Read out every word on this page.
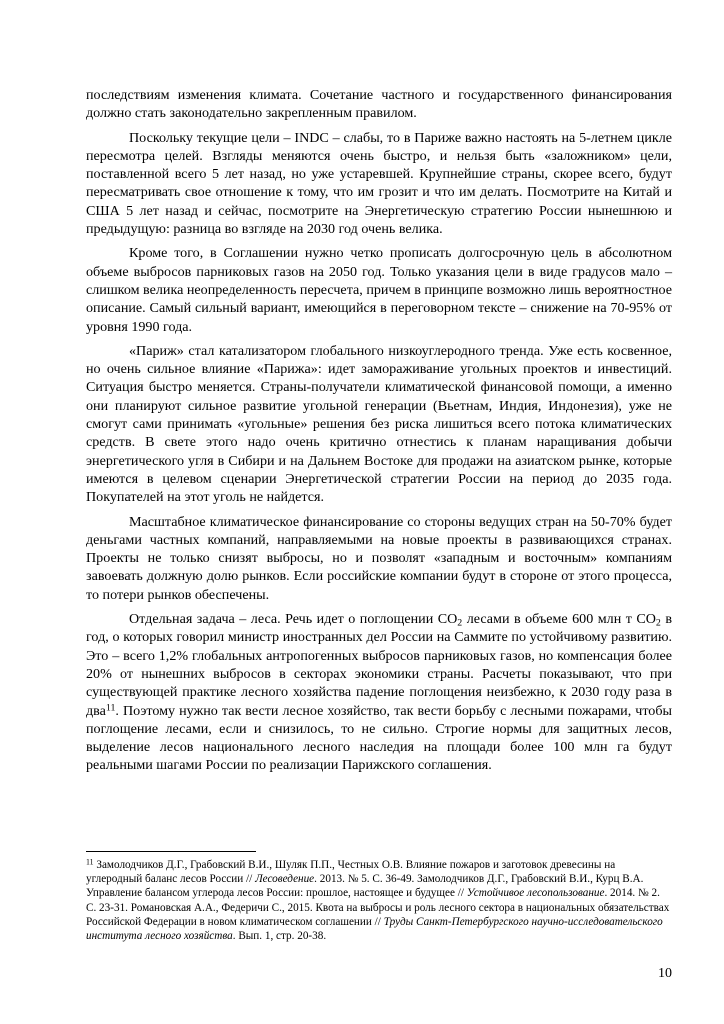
последствиям изменения климата. Сочетание частного и государственного финансирования должно стать законодательно закрепленным правилом.

Поскольку текущие цели – INDC – слабы, то в Париже важно настоять на 5-летнем цикле пересмотра целей. Взгляды меняются очень быстро, и нельзя быть «заложником» цели, поставленной всего 5 лет назад, но уже устаревшей. Крупнейшие страны, скорее всего, будут пересматривать свое отношение к тому, что им грозит и что им делать. Посмотрите на Китай и США 5 лет назад и сейчас, посмотрите на Энергетическую стратегию России нынешнюю и предыдущую: разница во взгляде на 2030 год очень велика.

Кроме того, в Соглашении нужно четко прописать долгосрочную цель в абсолютном объеме выбросов парниковых газов на 2050 год. Только указания цели в виде градусов мало – слишком велика неопределенность пересчета, причем в принципе возможно лишь вероятностное описание. Самый сильный вариант, имеющийся в переговорном тексте – снижение на 70-95% от уровня 1990 года.

«Париж» стал катализатором глобального низкоуглеродного тренда. Уже есть косвенное, но очень сильное влияние «Парижа»: идет замораживание угольных проектов и инвестиций. Ситуация быстро меняется. Страны-получатели климатической финансовой помощи, а именно они планируют сильное развитие угольной генерации (Вьетнам, Индия, Индонезия), уже не смогут сами принимать «угольные» решения без риска лишиться всего потока климатических средств. В свете этого надо очень критично отнестись к планам наращивания добычи энергетического угля в Сибири и на Дальнем Востоке для продажи на азиатском рынке, которые имеются в целевом сценарии Энергетической стратегии России на период до 2035 года. Покупателей на этот уголь не найдется.

Масштабное климатическое финансирование со стороны ведущих стран на 50-70% будет деньгами частных компаний, направляемыми на новые проекты в развивающихся странах. Проекты не только снизят выбросы, но и позволят «западным и восточным» компаниям завоевать должную долю рынков. Если российские компании будут в стороне от этого процесса, то потери рынков обеспечены.

Отдельная задача – леса. Речь идет о поглощении $CO_2$ лесами в объеме 600 млн т $CO_2$ в год, о которых говорил министр иностранных дел России на Саммите по устойчивому развитию. Это – всего 1,2% глобальных антропогенных выбросов парниковых газов, но компенсация более 20% от нынешних выбросов в секторах экономики страны. Расчеты показывают, что при существующей практике лесного хозяйства падение поглощения неизбежно, к 2030 году раза в два$^{11}$. Поэтому нужно так вести лесное хозяйство, так вести борьбу с лесными пожарами, чтобы поглощение лесами, если и снизилось, то не сильно. Строгие нормы для защитных лесов, выделение лесов национального лесного наследия на площади более 100 млн га будут реальными шагами России по реализации Парижского соглашения.

$^{11}$ Замолодчиков Д.Г., Грабовский В.И., Шуляк П.П., Честных О.В. Влияние пожаров и заготовок древесины на углеродный баланс лесов России // Лесоведение. 2013. № 5. С. 36-49. Замолодчиков Д.Г., Грабовский В.И., Курц В.А. Управление балансом углерода лесов России: прошлое, настоящее и будущее // Устойчивое лесопользование. 2014. № 2. С. 23-31. Романовская А.А., Федеричи С., 2015. Квота на выбросы и роль лесного сектора в национальных обязательствах Российской Федерации в новом климатическом соглашении // Труды Санкт-Петербургского научно-исследовательского института лесного хозяйства. Вып. 1, стр. 20-38.
10
